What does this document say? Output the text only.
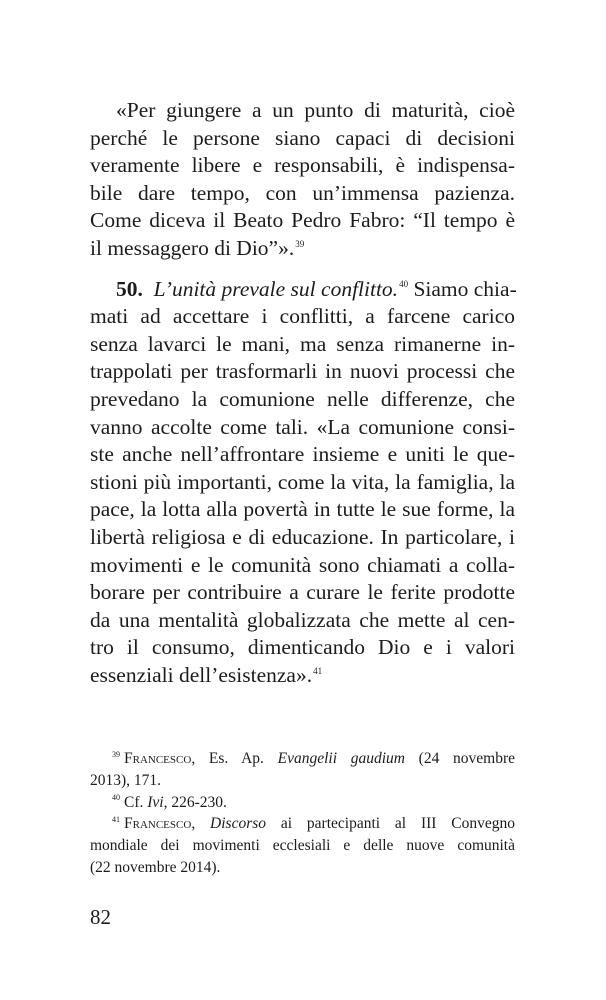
«Per giungere a un punto di maturità, cioè
perché le persone siano capaci di decisioni
veramente libere e responsabili, è indispensa-
bile dare tempo, con un’immensa pazienza.
Come diceva il Beato Pedro Fabro: “Il tempo è
il messaggero di Dio”».$^{39}$
50. L’unità prevale sul conflitto.$^{40}$ Siamo chia-
mati ad accettare i conflitti, a farcene carico
senza lavarci le mani, ma senza rimanerne in-
trappolati per trasformarli in nuovi processi che
prevedano la comunione nelle differenze, che
vanno accolte come tali. «La comunione consi-
ste anche nell’affrontare insieme e uniti le que-
stioni più importanti, come la vita, la famiglia, la
pace, la lotta alla povertà in tutte le sue forme, la
libertà religiosa e di educazione. In particolare, i
movimenti e le comunità sono chiamati a colla-
borare per contribuire a curare le ferite prodotte
da una mentalità globalizzata che mette al cen-
tro il consumo, dimenticando Dio e i valori
essenziali dell’esistenza».$^{41}$
$^{39}$ Francesco, Es. Ap. Evangelii gaudium (24 novembre
2013), 171.
$^{40}$ Cf. Ivi, 226-230.
$^{41}$ Francesco, Discorso ai partecipanti al III Convegno
mondiale dei movimenti ecclesiali e delle nuove comunità
(22 novembre 2014).
82
